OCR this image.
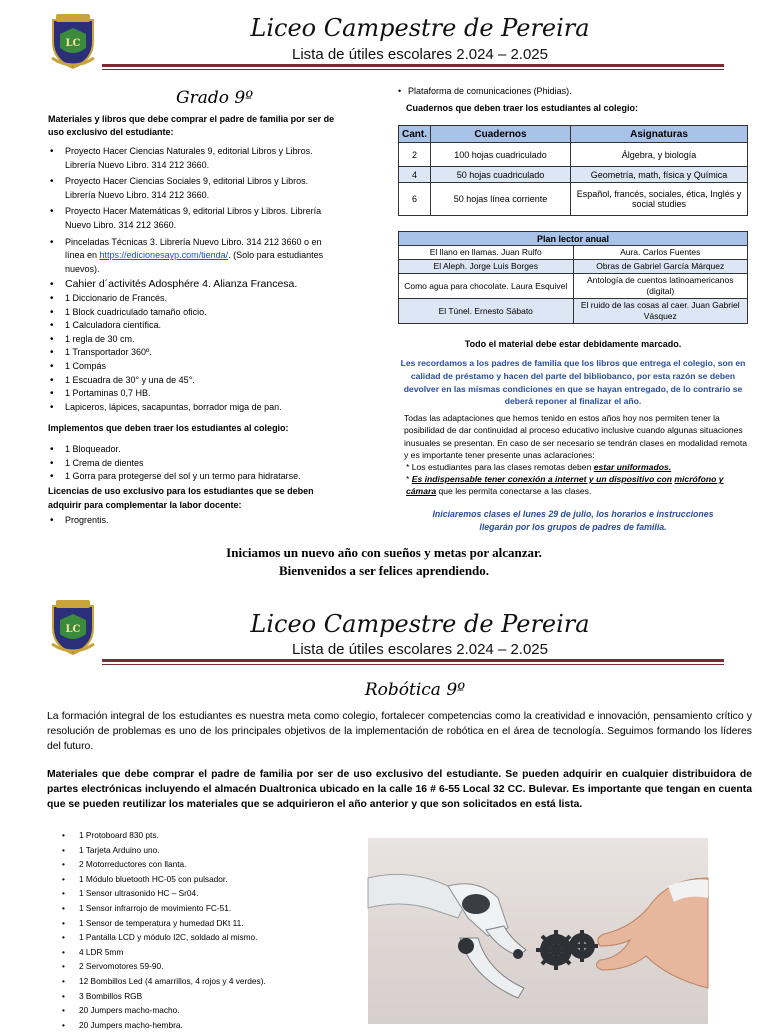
LC
Liceo Campestre de Pereira
Lista de útiles escolares 2.024 – 2.025
Grado 9º

Materiales y libros que debe comprar el padre de familia por ser de uso exclusivo del estudiante:

• Proyecto Hacer Ciencias Naturales 9, editorial Libros y Libros. Librería Nuevo Libro. 314 212 3660.
• Proyecto Hacer Ciencias Sociales 9, editorial Libros y Libros. Librería Nuevo Libro. 314 212 3660.
• Proyecto Hacer Matemáticas 9, editorial Libros y Libros. Librería Nuevo Libro. 314 212 3660.
• Pinceladas Técnicas 3. Librería Nuevo Libro. 314 212 3660 o en línea en https://edicionesayp.com/tienda/. (Solo para estudiantes nuevos).
• Cahier d´activités Adosphére 4. Alianza Francesa.
• 1 Diccionario de Francés.
• 1 Block cuadriculado tamaño oficio.
• 1 Calculadora científica.
• 1 regla de 30 cm.
• 1 Transportador 360º.
• 1 Compás
• 1 Escuadra de 30° y una de 45°.
• 1 Portaminas 0,7 HB.
• Lapiceros, lápices, sacapuntas, borrador miga de pan.

Implementos que deben traer los estudiantes al colegio:

• 1 Bloqueador.
• 1 Crema de dientes
• 1 Gorra para protegerse del sol y un termo para hidratarse.

Licencias de uso exclusivo para los estudiantes que se deben adquirir para complementar la labor docente:

• Progrentis.
• Plataforma de comunicaciones (Phidias).

Cuadernos que deben traer los estudiantes al colegio:

Cant.	Cuadernos	Asignaturas
2	100 hojas cuadriculado	Álgebra, y biología
4	50 hojas cuadriculado	Geometría, math, física y Química
6	50 hojas línea corriente	Español, francés, sociales, ética, Inglés y social studies
Plan lector anual	
El llano en llamas. Juan Rulfo	Aura. Carlos Fuentes
El Aleph. Jorge Luis Borges	Obras de Gabriel García Márquez
Como agua para chocolate. Laura Esquivel	Antología de cuentos latinoamericanos (digital)
El Túnel. Ernesto Sábato	El ruido de las cosas al caer. Juan Gabriel Vásquez

Todo el material debe estar debidamente marcado.

Les recordamos a los padres de familia que los libros que entrega el colegio, son en calidad de préstamo y hacen del parte del bibliobanco, por esta razón se deben devolver en las mismas condiciones en que se hayan entregado, de lo contrario se deberá reponer al finalizar el año.

Todas las adaptaciones que hemos tenido en estos años hoy nos permiten tener la posibilidad de dar continuidad al proceso educativo inclusive cuando algunas situaciones inusuales se presentan. En caso de ser necesario se tendrán clases en modalidad remota y es importante tener presente unas aclaraciones:

* Los estudiantes para las clases remotas deben estar uniformados.

* Es indispensable tener conexión a internet y un dispositivo con micrófono y cámara que les permita conectarse a las clases.

Iniciaremos clases el lunes 29 de julio, los horarios e instrucciones llegarán por los grupos de padres de familia.

Iniciamos un nuevo año con sueños y metas por alcanzar.
Bienvenidos a ser felices aprendiendo.
LC	Liceo Campestre de Pereira
Lista de útiles escolares 2.024 – 2.025
Robótica 9º

La formación integral de los estudiantes es nuestra meta como colegio, fortalecer competencias como la creatividad e innovación, pensamiento crítico y resolución de problemas es uno de los principales objetivos de la implementación de robótica en el área de tecnología. Seguimos formando los líderes del futuro.

Materiales que debe comprar el padre de familia por ser de uso exclusivo del estudiante. Se pueden adquirir en cualquier distribuidora de partes electrónicas incluyendo el almacén Dualtronica ubicado en la calle 16 # 6-55 Local 32 CC. Bulevar. Es importante que tengan en cuenta que se pueden reutilizar los materiales que se adquirieron el año anterior y que son solicitados en está lista.

• 1 Protoboard 830 pts.
• 1 Tarjeta Arduino uno.
• 2 Motorreductores con llanta.
• 1 Módulo bluetooth HC-05 con pulsador.
• 1 Sensor ultrasonido HC – Sr04.
• 1 Sensor infrarrojo de movimiento FC-51.
• 1 Sensor de temperatura y humedad DKt 11.
• 1 Pantalla LCD y módulo I2C, soldado al mismo.
• 4 LDR 5mm
• 2 Servomotores 59-90.
• 12 Bombillos Led (4 amarrillos, 4 rojos y 4 verdes).
• 3 Bombillos RGB
• 20 Jumpers macho-macho.
• 20 Jumpers macho-hembra.
